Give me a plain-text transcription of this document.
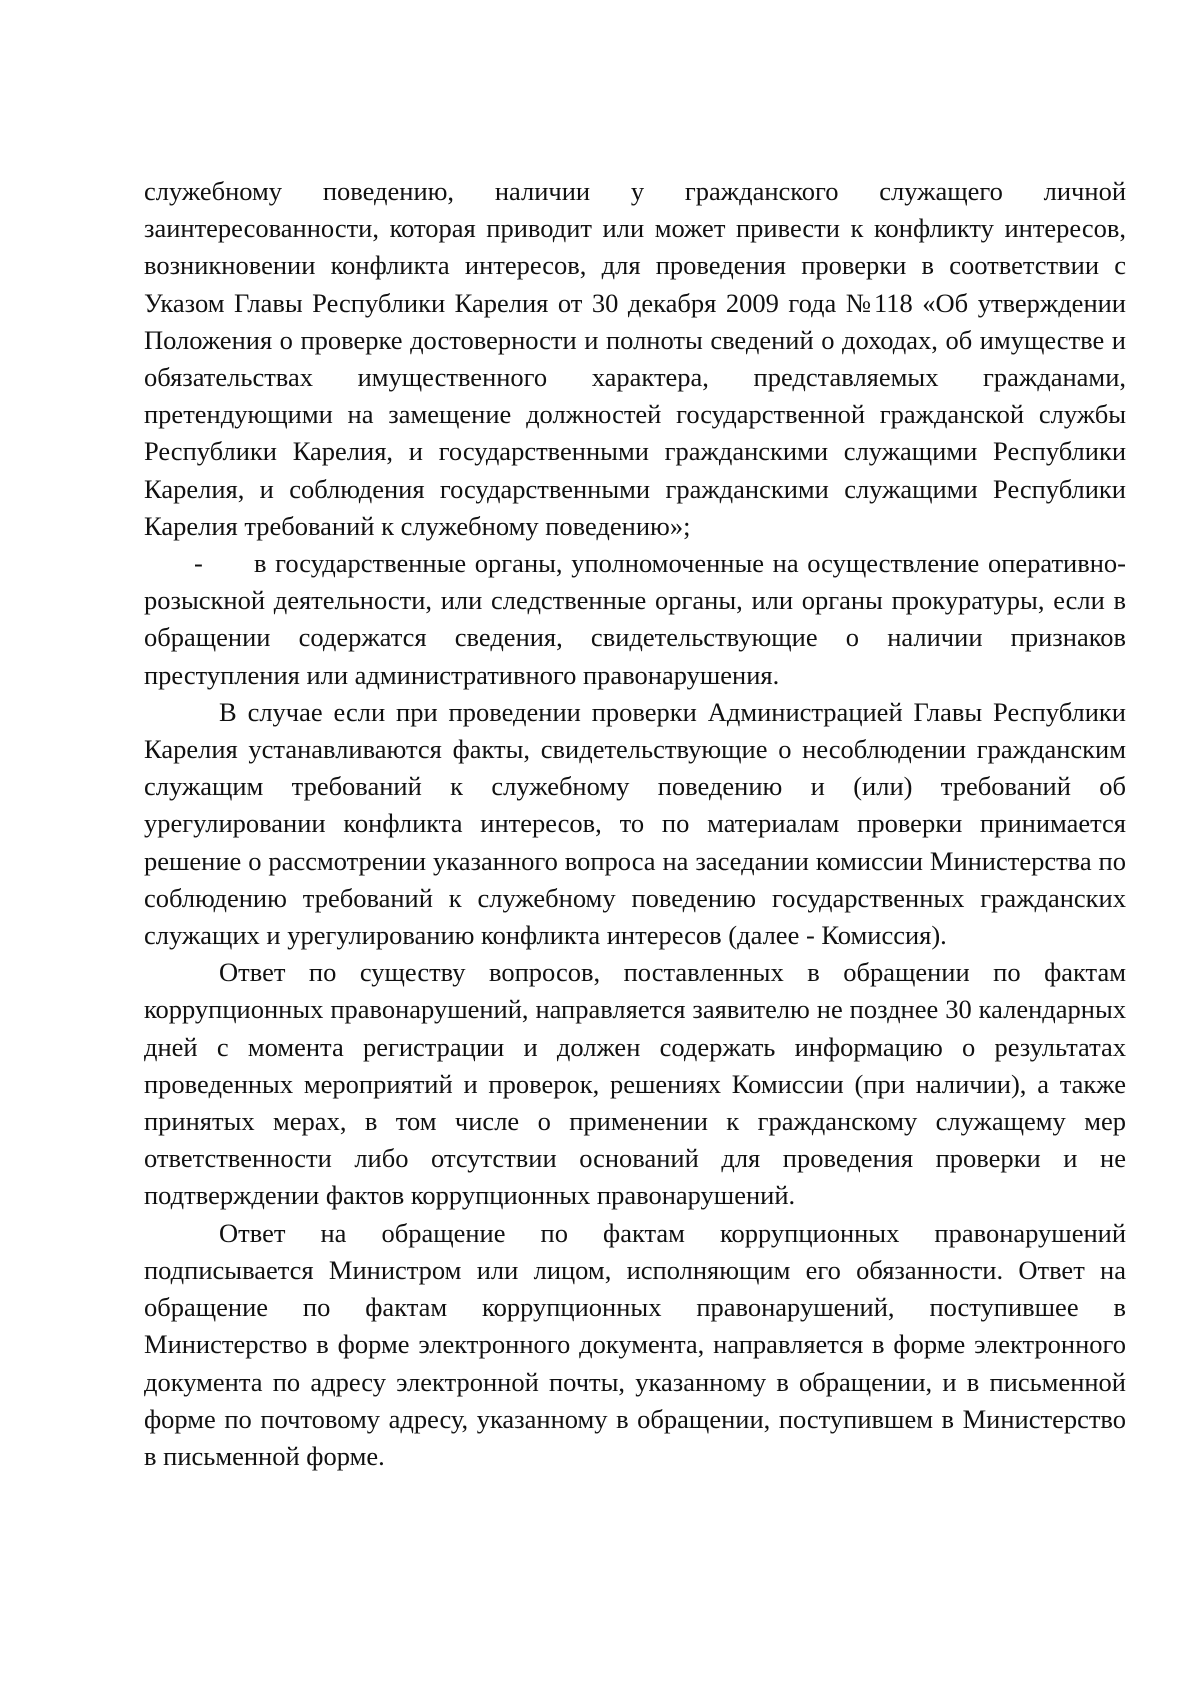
служебному поведению, наличии у гражданского служащего личной заинтересованности, которая приводит или может привести к конфликту интересов, возникновении конфликта интересов, для проведения проверки в соответствии с Указом Главы Республики Карелия от 30 декабря 2009 года №118 «Об утверждении Положения о проверке достоверности и полноты сведений о доходах, об имуществе и обязательствах имущественного характера, представляемых гражданами, претендующими на замещение должностей государственной гражданской службы Республики Карелия, и государственными гражданскими служащими Республики Карелия, и соблюдения государственными гражданскими служащими Республики Карелия требований к служебному поведению»;

- в государственные органы, уполномоченные на осуществление оперативно-розыскной деятельности, или следственные органы, или органы прокуратуры, если в обращении содержатся сведения, свидетельствующие о наличии признаков преступления или административного правонарушения.

В случае если при проведении проверки Администрацией Главы Республики Карелия устанавливаются факты, свидетельствующие о несоблюдении гражданским служащим требований к служебному поведению и (или) требований об урегулировании конфликта интересов, то по материалам проверки принимается решение о рассмотрении указанного вопроса на заседании комиссии Министерства по соблюдению требований к служебному поведению государственных гражданских служащих и урегулированию конфликта интересов (далее - Комиссия).

Ответ по существу вопросов, поставленных в обращении по фактам коррупционных правонарушений, направляется заявителю не позднее 30 календарных дней с момента регистрации и должен содержать информацию о результатах проведенных мероприятий и проверок, решениях Комиссии (при наличии), а также принятых мерах, в том числе о применении к гражданскому служащему мер ответственности либо отсутствии оснований для проведения проверки и не подтверждении фактов коррупционных правонарушений.

Ответ на обращение по фактам коррупционных правонарушений подписывается Министром или лицом, исполняющим его обязанности. Ответ на обращение по фактам коррупционных правонарушений, поступившее в Министерство в форме электронного документа, направляется в форме электронного документа по адресу электронной почты, указанному в обращении, и в письменной форме по почтовому адресу, указанному в обращении, поступившем в Министерство в письменной форме.
